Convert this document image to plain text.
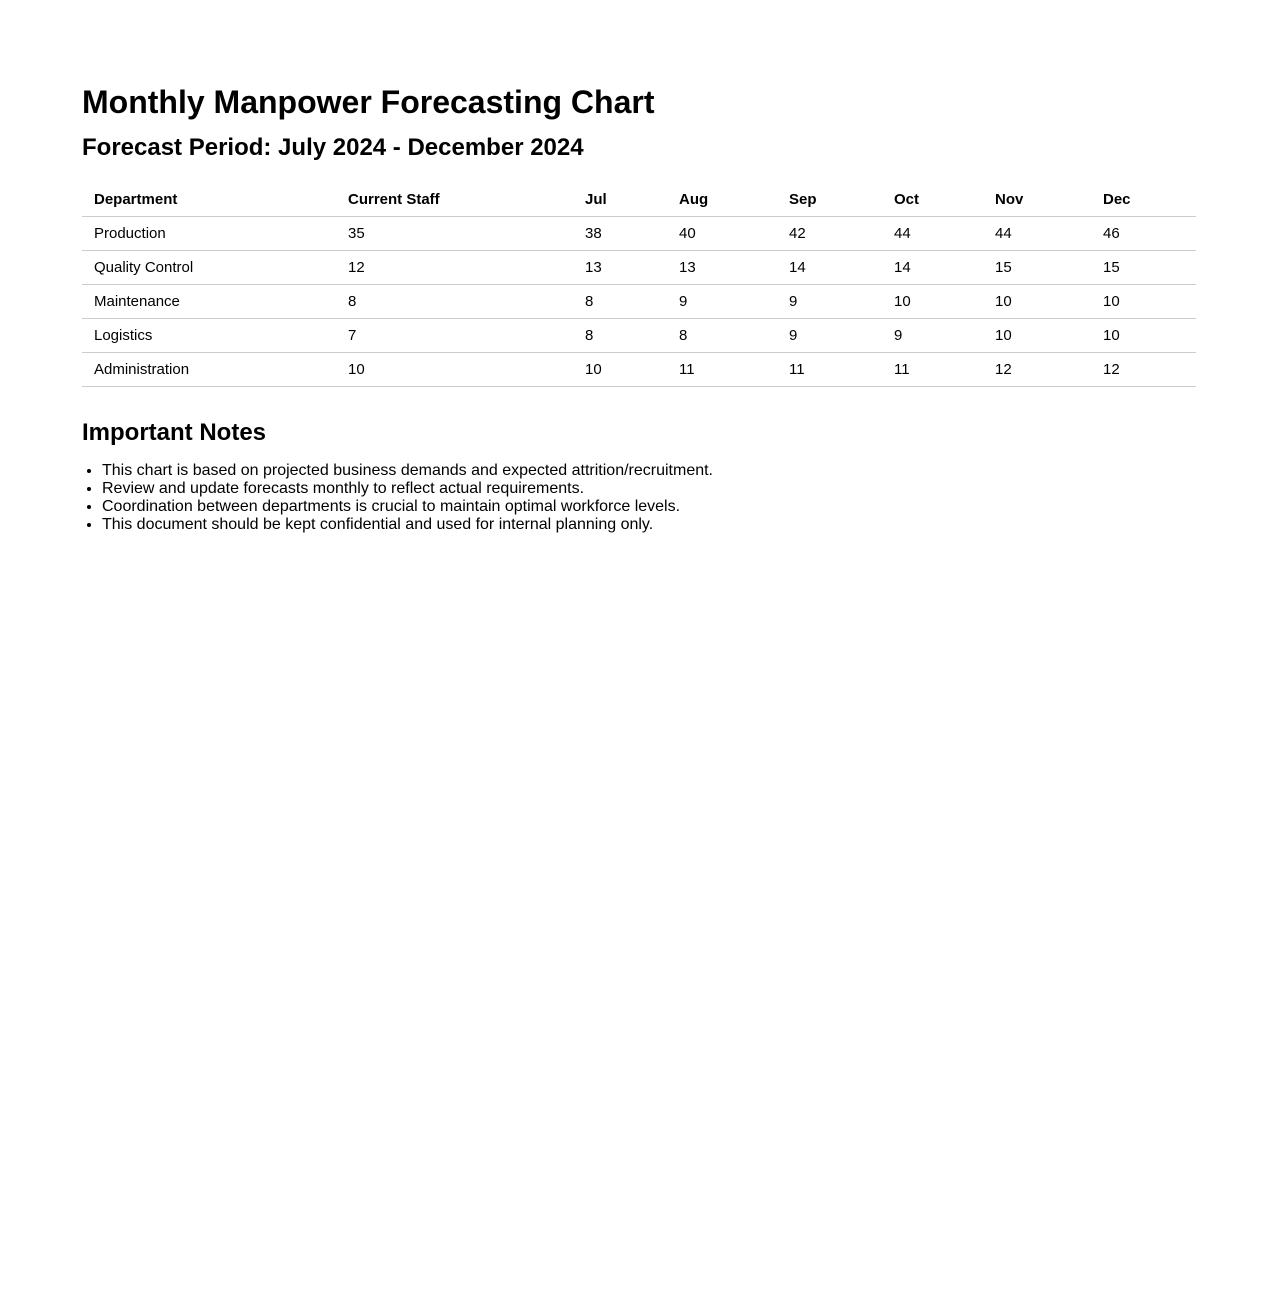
Monthly Manpower Forecasting Chart
Forecast Period: July 2024 - December 2024
Department	Current Staff	Jul	Aug	Sep	Oct	Nov	Dec
Production	35	38	40	42	44	44	46
Quality Control	12	13	13	14	14	15	15
Maintenance	8	8	9	9	10	10	10
Logistics	7	8	8	9	9	10	10
Administration	10	10	11	11	11	12	12
Important Notes
• This chart is based on projected business demands and expected attrition/recruitment.
• Review and update forecasts monthly to reflect actual requirements.
• Coordination between departments is crucial to maintain optimal workforce levels.
• This document should be kept confidential and used for internal planning only.
